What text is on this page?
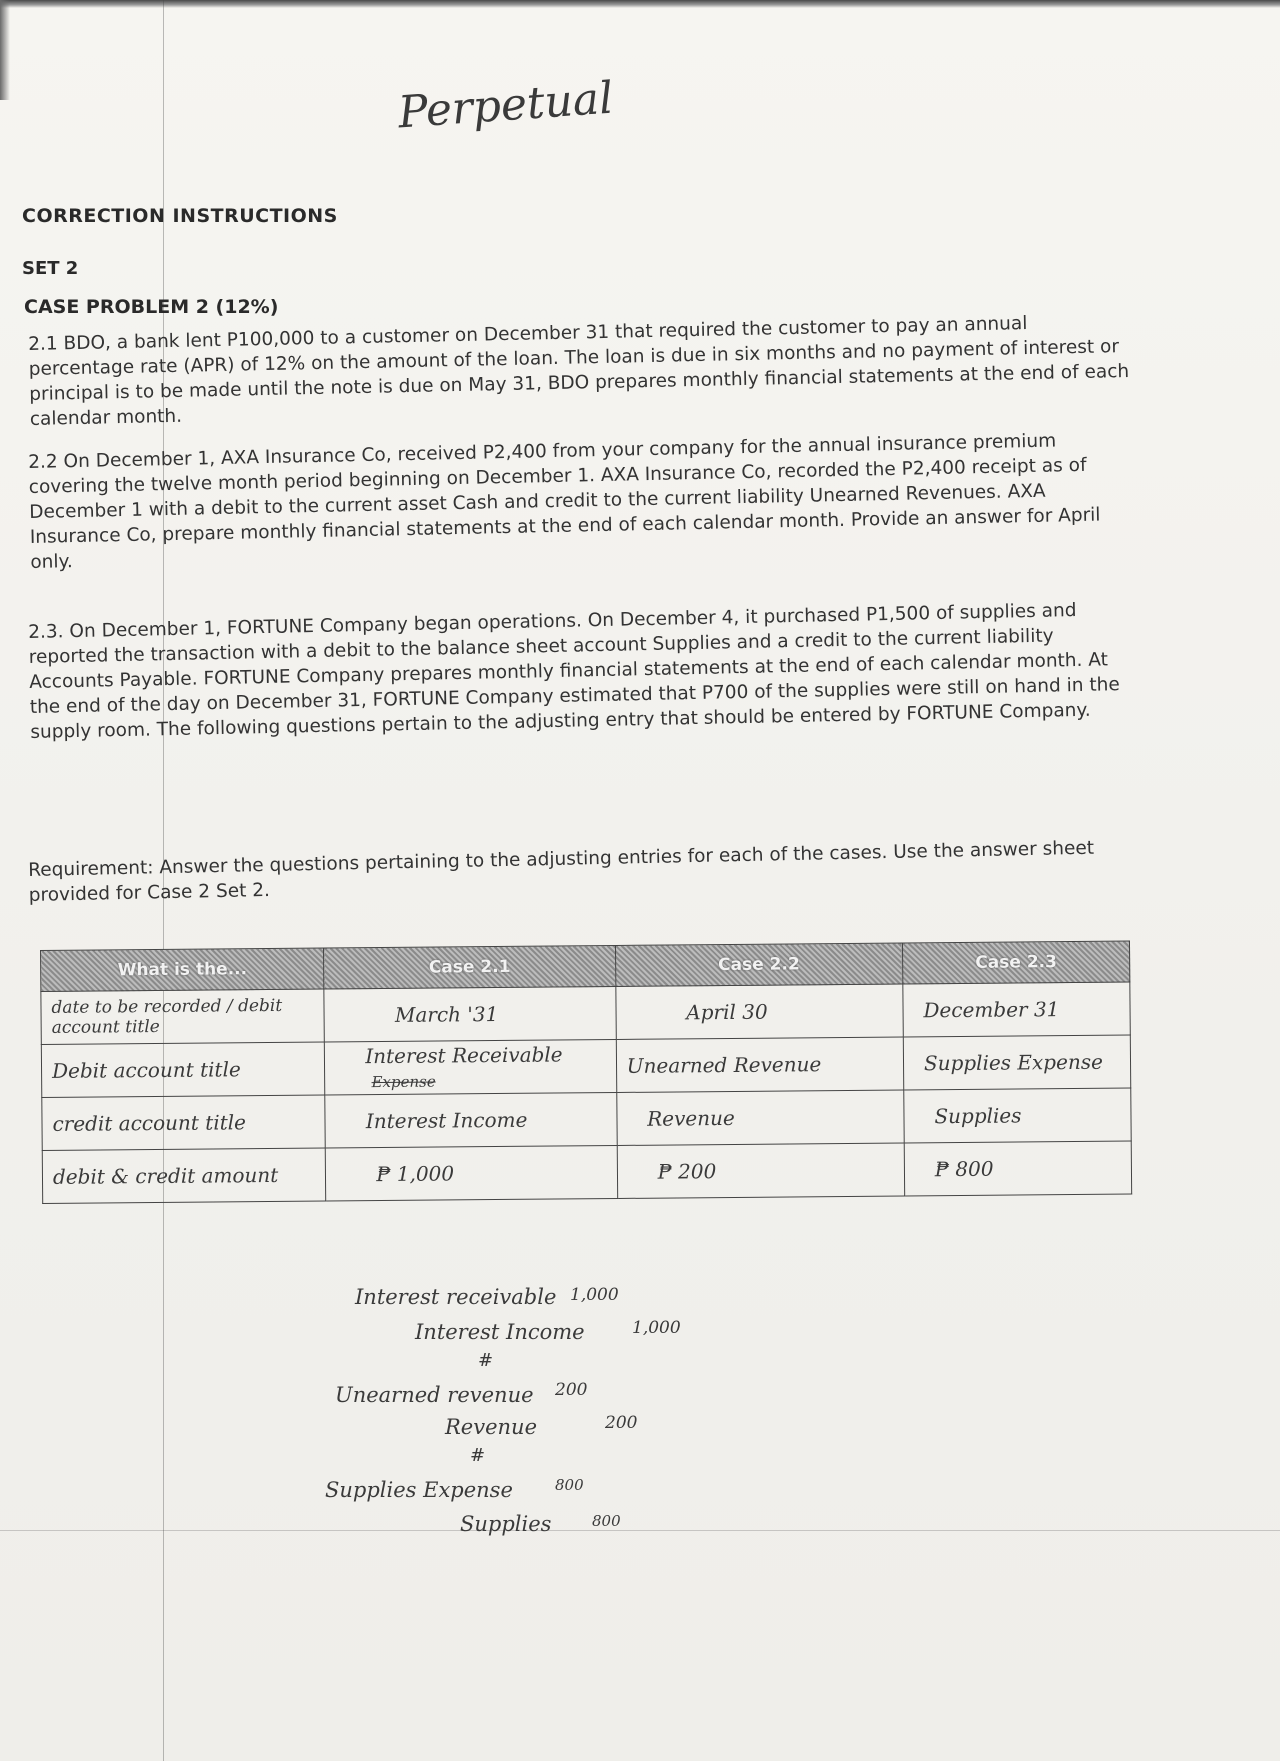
Perpetual
CORRECTION INSTRUCTIONS
SET 2
CASE PROBLEM 2 (12%)
2.1 BDO, a bank lent P100,000 to a customer on December 31 that required the customer to pay an annual percentage rate (APR) of 12% on the amount of the loan. The loan is due in six months and no payment of interest or principal is to be made until the note is due on May 31, BDO prepares monthly financial statements at the end of each calendar month.
2.2 On December 1, AXA Insurance Co, received P2,400 from your company for the annual insurance premium covering the twelve month period beginning on December 1. AXA Insurance Co, recorded the P2,400 receipt as of December 1 with a debit to the current asset Cash and credit to the current liability Unearned Revenues. AXA Insurance Co, prepare monthly financial statements at the end of each calendar month. Provide an answer for April only.
2.3. On December 1, FORTUNE Company began operations. On December 4, it purchased P1,500 of supplies and reported the transaction with a debit to the balance sheet account Supplies and a credit to the current liability Accounts Payable. FORTUNE Company prepares monthly financial statements at the end of each calendar month. At the end of the day on December 31, FORTUNE Company estimated that P700 of the supplies were still on hand in the supply room. The following questions pertain to the adjusting entry that should be entered by FORTUNE Company.
Requirement: Answer the questions pertaining to the adjusting entries for each of the cases. Use the answer sheet provided for Case 2 Set 2.
What is the...	Case 2.1	Case 2.2	Case 2.3
date to be recorded / debit account title	March '31	April 30	December 31
Debit account title	Interest Receivable Expense	Unearned Revenue	Supplies Expense
credit account title	Interest Income	Revenue	Supplies
debit & credit amount	₱ 1,000	₱ 200	₱ 800
Interest receivable 1,000
Interest Income	1,000
#
Unearned revenue 200
Revenue	200
#
Supplies Expense	800
Supplies	800
